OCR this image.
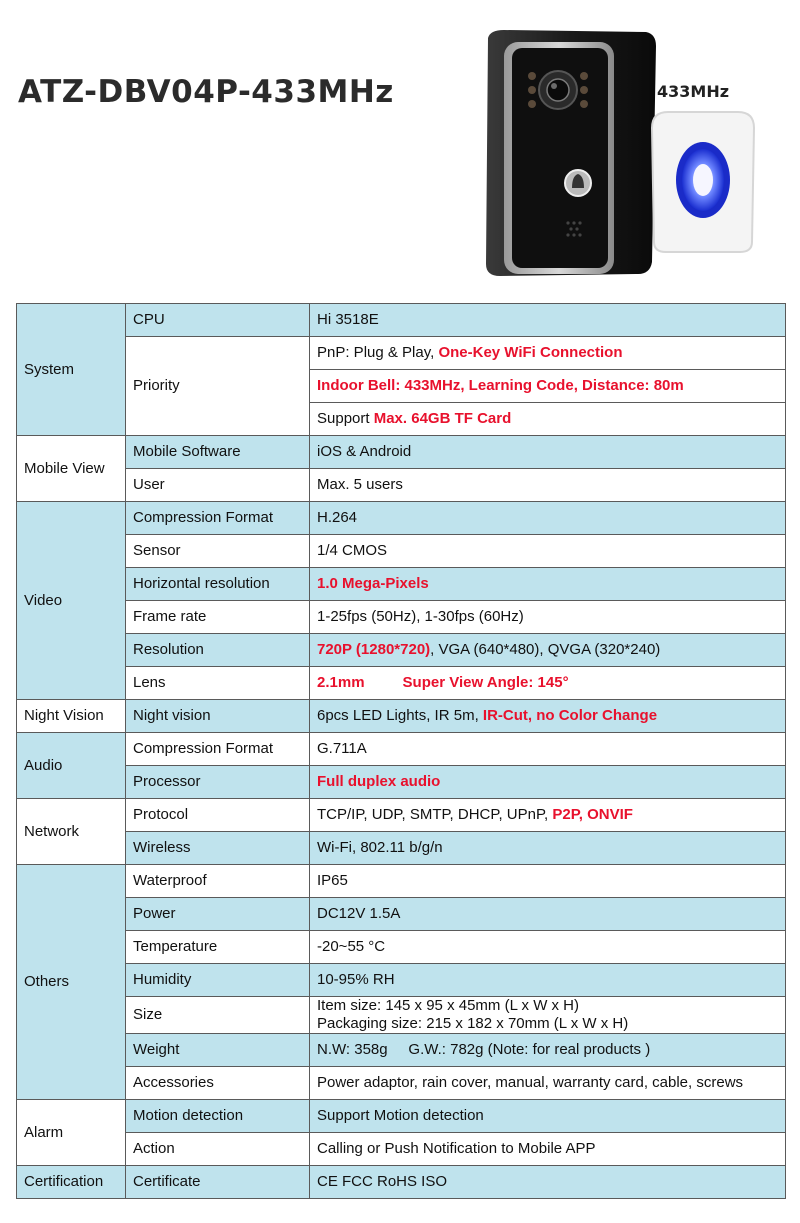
ATZ-DBV04P-433MHz	433MHz
System	CPU	Hi 3518E
	Priority	PnP: Plug & Play, One-Key WiFi Connection
		Indoor Bell: 433MHz, Learning Code, Distance: 80m
		Support Max. 64GB TF Card
Mobile View	Mobile Software	iOS & Android
	User	Max. 5 users
Video	Compression Format	H.264
	Sensor	1/4 CMOS
	Horizontal resolution	1.0 Mega-Pixels
	Frame rate	1-25fps (50Hz), 1-30fps (60Hz)
	Resolution	720P (1280*720), VGA (640*480), QVGA (320*240)
	Lens	2.1mm Super View Angle: 145°
Night Vision	Night vision	6pcs LED Lights, IR 5m, IR-Cut, no Color Change
Audio	Compression Format	G.711A
	Processor	Full duplex audio
Network	Protocol	TCP/IP, UDP, SMTP, DHCP, UPnP, P2P, ONVIF
	Wireless	Wi-Fi, 802.11 b/g/n
Others	Waterproof	IP65
	Power	DC12V 1.5A
	Temperature	-20~55 °C
	Humidity	10-95% RH
	Size	Item size: 145 x 95 x 45mm (L x W x H)
Packaging size: 215 x 182 x 70mm (L x W x H)

	Weight	N.W: 358g     G.W.: 782g (Note: for real products )
	Accessories	Power adaptor, rain cover, manual, warranty card, cable, screws
Alarm	Motion detection	Support Motion detection
	Action	Calling or Push Notification to Mobile APP
Certification	Certificate	CE FCC RoHS ISO
